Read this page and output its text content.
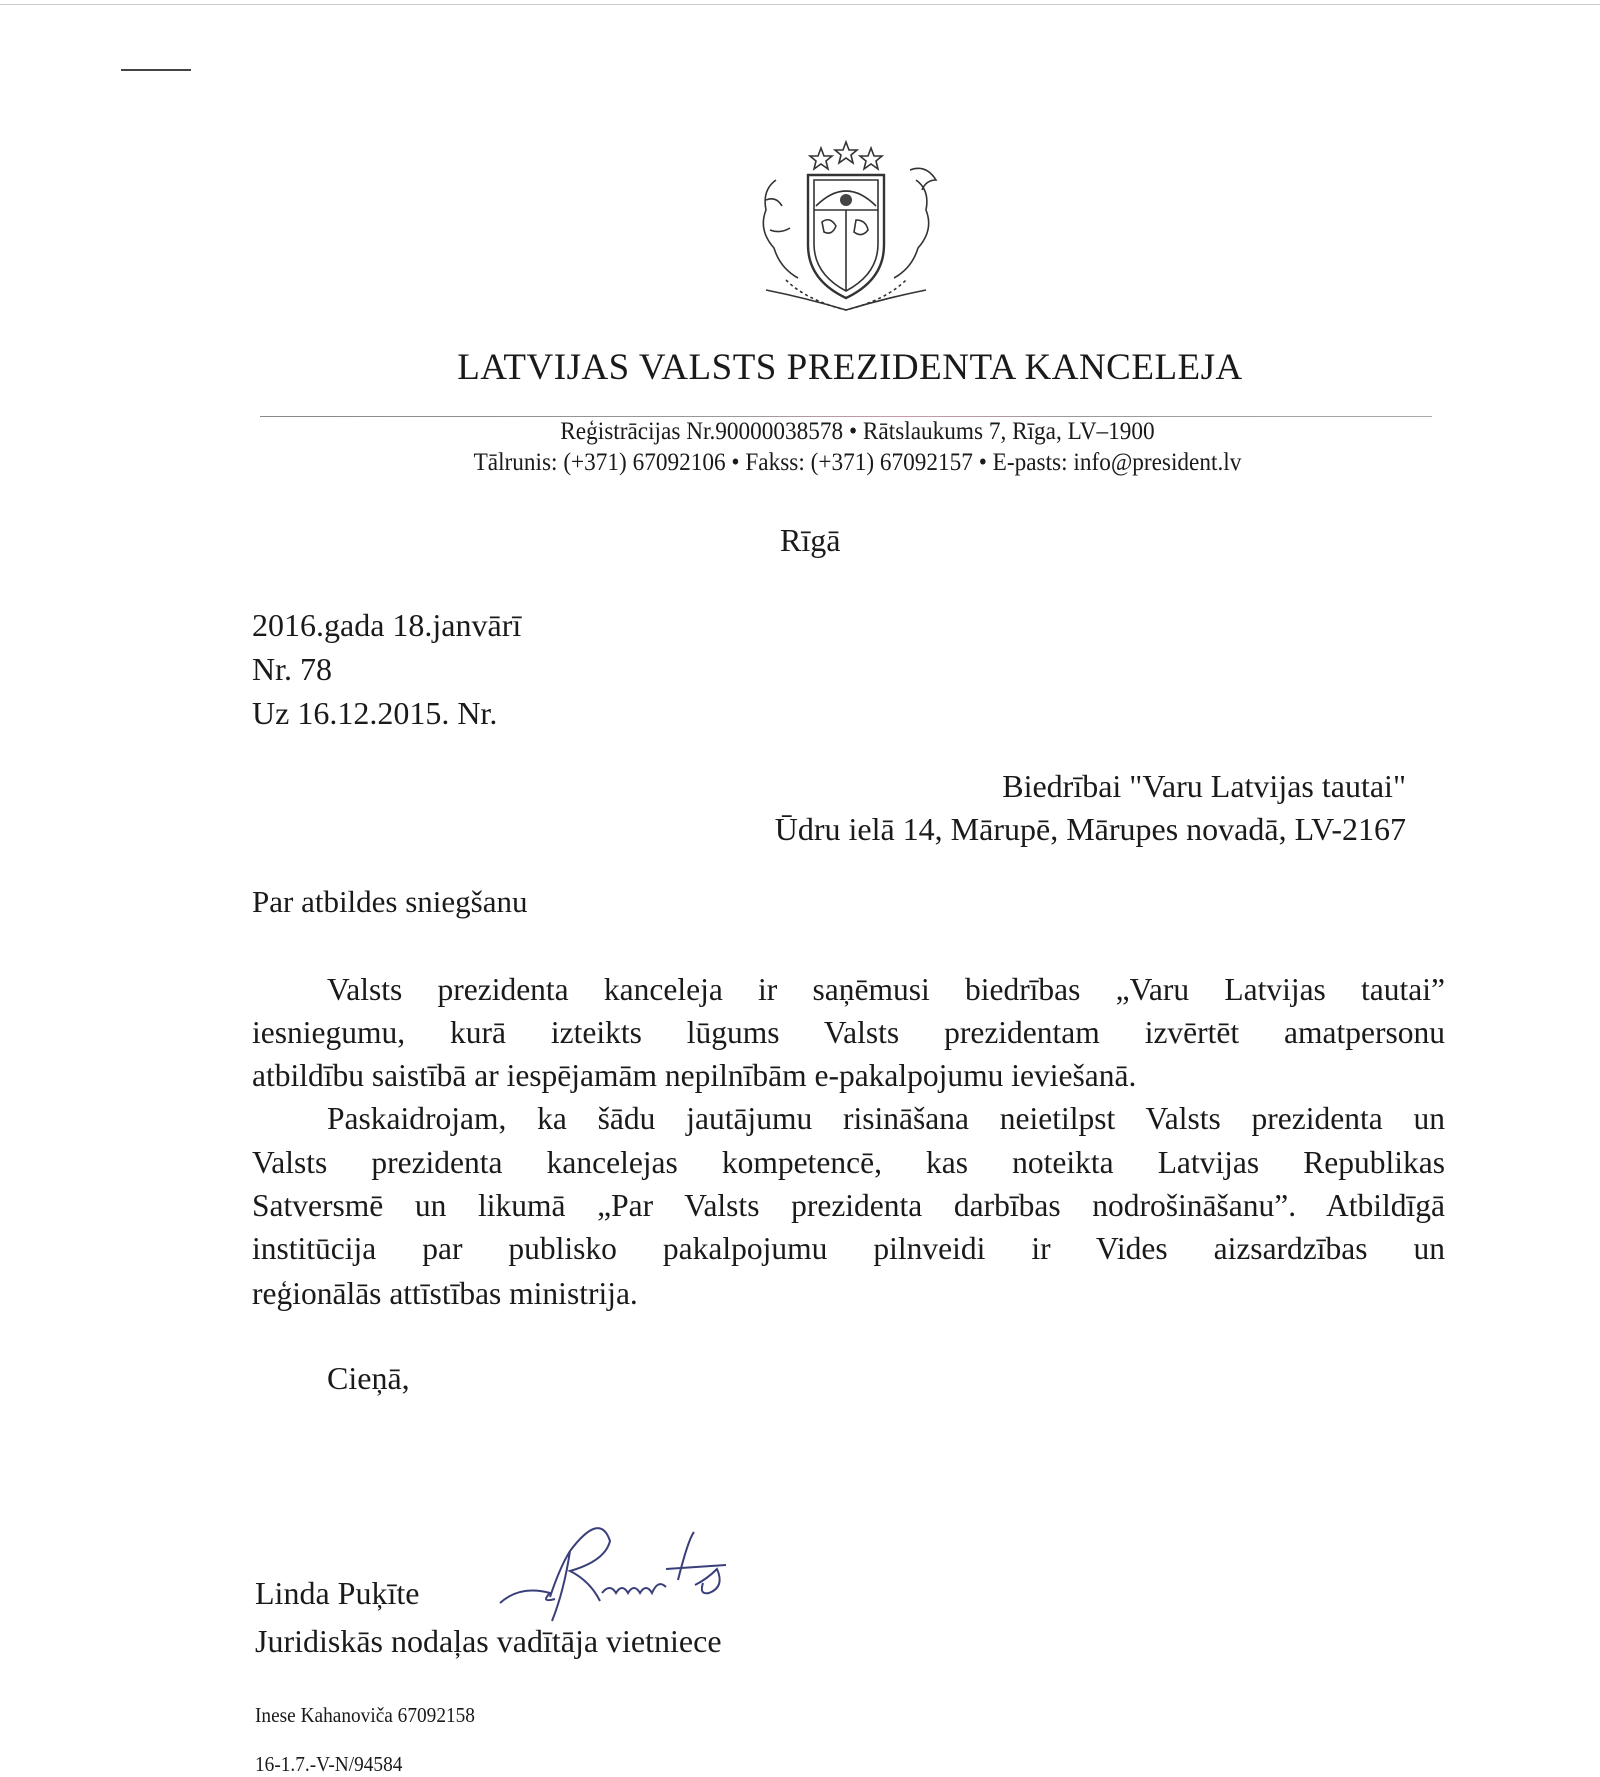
LATVIJAS VALSTS PREZIDENTA KANCELEJA
Reģistrācijas Nr.90000038578 • Rātslaukums 7, Rīga, LV–1900
Tālrunis: (+371) 67092106 • Fakss: (+371) 67092157 • E-pasts: info@president.lv
Rīgā
2016.gada 18.janvārī
Nr. 78
Uz 16.12.2015. Nr.
Biedrībai "Varu Latvijas tautai"
Ūdru ielā 14, Mārupē, Mārupes novadā, LV-2167
Par atbildes sniegšanu
Valsts prezidenta kanceleja ir saņēmusi biedrības „Varu Latvijas tautai”
iesniegumu, kurā izteikts lūgums Valsts prezidentam izvērtēt amatpersonu
atbildību saistībā ar iespējamām nepilnībām e-pakalpojumu ieviešanā.
Paskaidrojam, ka šādu jautājumu risināšana neietilpst Valsts prezidenta un
Valsts prezidenta kancelejas kompetencē, kas noteikta Latvijas Republikas
Satversmē un likumā „Par Valsts prezidenta darbības nodrošināšanu”. Atbildīgā
institūcija par publisko pakalpojumu pilnveidi ir Vides aizsardzības un
reģionālās attīstības ministrija.
Cieņā,
Linda Puķīte
Juridiskās nodaļas vadītāja vietniece
Inese Kahanoviča 67092158
16-1.7.-V-N/94584
